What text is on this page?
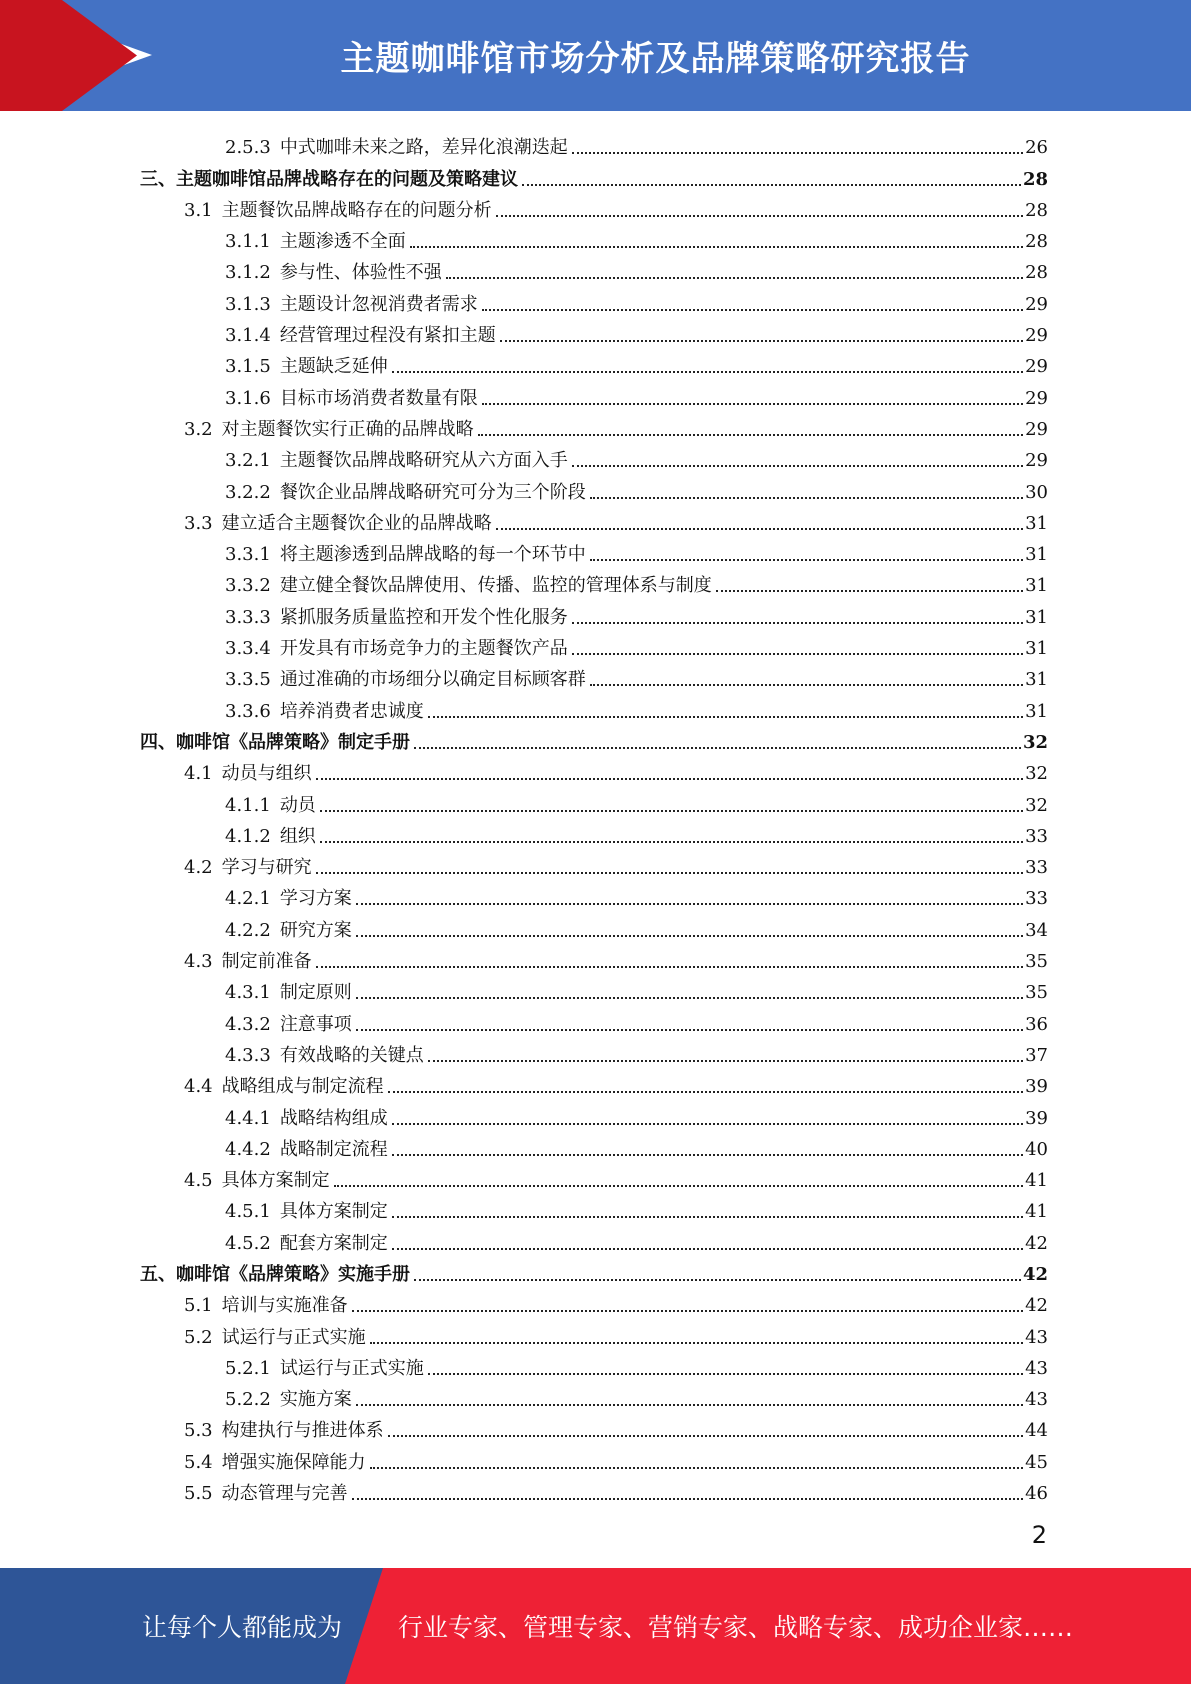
主题咖啡馆市场分析及品牌策略研究报告
2.5.3 中式咖啡未来之路，差异化浪潮迭起	26
三、 主题咖啡馆品牌战略存在的问题及策略建议	28
3.1 主题餐饮品牌战略存在的问题分析	28
3.1.1 主题渗透不全面	28
3.1.2 参与性、体验性不强	28
3.1.3 主题设计忽视消费者需求	29
3.1.4 经营管理过程没有紧扣主题	29
3.1.5 主题缺乏延伸	29
3.1.6 目标市场消费者数量有限	29
3.2 对主题餐饮实行正确的品牌战略	29
3.2.1 主题餐饮品牌战略研究从六方面入手	29
3.2.2 餐饮企业品牌战略研究可分为三个阶段	30
3.3 建立适合主题餐饮企业的品牌战略	31
3.3.1 将主题渗透到品牌战略的每一个环节中	31
3.3.2 建立健全餐饮品牌使用、传播、监控的管理体系与制度	31
3.3.3 紧抓服务质量监控和开发个性化服务	31
3.3.4 开发具有市场竞争力的主题餐饮产品	31
3.3.5 通过准确的市场细分以确定目标顾客群	31
3.3.6 培养消费者忠诚度	31
四、 咖啡馆《品牌策略》制定手册	32
4.1 动员与组织	32
4.1.1 动员	32
4.1.2 组织	33
4.2 学习与研究	33
4.2.1 学习方案	33
4.2.2 研究方案	34
4.3 制定前准备	35
4.3.1 制定原则	35
4.3.2 注意事项	36
4.3.3 有效战略的关键点	37
4.4 战略组成与制定流程	39
4.4.1 战略结构组成	39
4.4.2 战略制定流程	40
4.5 具体方案制定	41
4.5.1 具体方案制定	41
4.5.2 配套方案制定	42
五、 咖啡馆《品牌策略》实施手册	42
5.1 培训与实施准备	42
5.2 试运行与正式实施	43
5.2.1 试运行与正式实施	43
5.2.2 实施方案	43
5.3 构建执行与推进体系	44
5.4 增强实施保障能力	45
5.5 动态管理与完善	46
2
让每个人都能成为 行业专家、管理专家、营销专家、战略专家、成功企业家……
